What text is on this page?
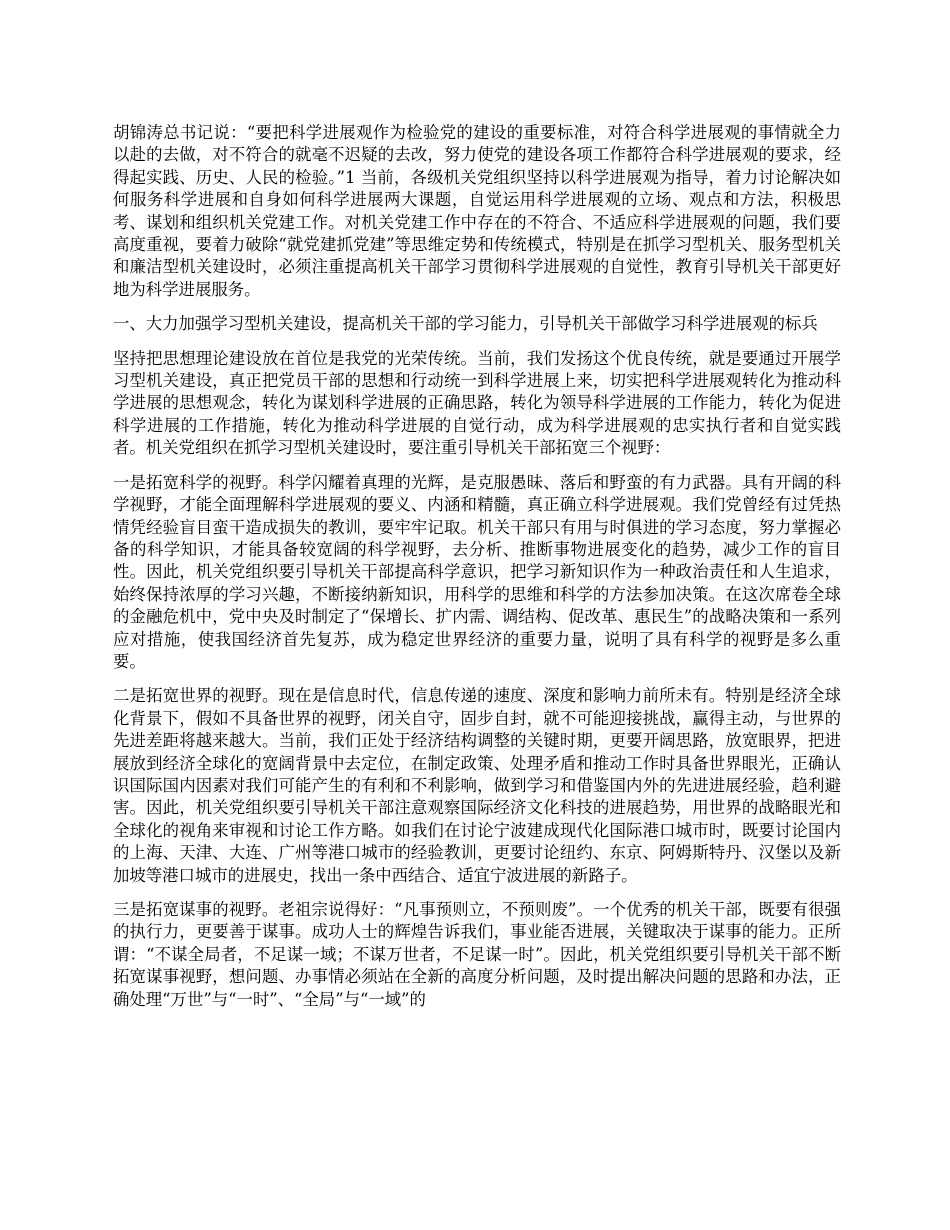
胡锦涛总书记说：“要把科学进展观作为检验党的建设的重要标准，对符合科学进展观的事情就全力以赴的去做，对不符合的就毫不迟疑的去改，努力使党的建设各项工作都符合科学进展观的要求，经得起实践、历史、人民的检验。”1 当前，各级机关党组织坚持以科学进展观为指导，着力讨论解决如何服务科学进展和自身如何科学进展两大课题，自觉运用科学进展观的立场、观点和方法，积极思考、谋划和组织机关党建工作。对机关党建工作中存在的不符合、不适应科学进展观的问题，我们要高度重视，要着力破除“就党建抓党建”等思维定势和传统模式，特别是在抓学习型机关、服务型机关和廉洁型机关建设时，必须注重提高机关干部学习贯彻科学进展观的自觉性，教育引导机关干部更好地为科学进展服务。

一、大力加强学习型机关建设，提高机关干部的学习能力，引导机关干部做学习科学进展观的标兵

坚持把思想理论建设放在首位是我党的光荣传统。当前，我们发扬这个优良传统，就是要通过开展学习型机关建设，真正把党员干部的思想和行动统一到科学进展上来，切实把科学进展观转化为推动科学进展的思想观念，转化为谋划科学进展的正确思路，转化为领导科学进展的工作能力，转化为促进科学进展的工作措施，转化为推动科学进展的自觉行动，成为科学进展观的忠实执行者和自觉实践者。机关党组织在抓学习型机关建设时，要注重引导机关干部拓宽三个视野：

一是拓宽科学的视野。科学闪耀着真理的光辉，是克服愚昧、落后和野蛮的有力武器。具有开阔的科学视野，才能全面理解科学进展观的要义、内涵和精髓，真正确立科学进展观。我们党曾经有过凭热情凭经验盲目蛮干造成损失的教训，要牢牢记取。机关干部只有用与时俱进的学习态度，努力掌握必备的科学知识，才能具备较宽阔的科学视野，去分析、推断事物进展变化的趋势，减少工作的盲目性。因此，机关党组织要引导机关干部提高科学意识，把学习新知识作为一种政治责任和人生追求，始终保持浓厚的学习兴趣，不断接纳新知识，用科学的思维和科学的方法参加决策。在这次席卷全球的金融危机中，党中央及时制定了“保增长、扩内需、调结构、促改革、惠民生”的战略决策和一系列应对措施，使我国经济首先复苏，成为稳定世界经济的重要力量，说明了具有科学的视野是多么重要。

二是拓宽世界的视野。现在是信息时代，信息传递的速度、深度和影响力前所未有。特别是经济全球化背景下，假如不具备世界的视野，闭关自守，固步自封，就不可能迎接挑战，赢得主动，与世界的先进差距将越来越大。当前，我们正处于经济结构调整的关键时期，更要开阔思路，放宽眼界，把进展放到经济全球化的宽阔背景中去定位，在制定政策、处理矛盾和推动工作时具备世界眼光，正确认识国际国内因素对我们可能产生的有利和不利影响，做到学习和借鉴国内外的先进进展经验，趋利避害。因此，机关党组织要引导机关干部注意观察国际经济文化科技的进展趋势，用世界的战略眼光和全球化的视角来审视和讨论工作方略。如我们在讨论宁波建成现代化国际港口城市时，既要讨论国内的上海、天津、大连、广州等港口城市的经验教训，更要讨论纽约、东京、阿姆斯特丹、汉堡以及新加坡等港口城市的进展史，找出一条中西结合、适宜宁波进展的新路子。

三是拓宽谋事的视野。老祖宗说得好：“凡事预则立，不预则废”。一个优秀的机关干部，既要有很强的执行力，更要善于谋事。成功人士的辉煌告诉我们，事业能否进展，关键取决于谋事的能力。正所谓：“不谋全局者，不足谋一域；不谋万世者，不足谋一时”。因此，机关党组织要引导机关干部不断拓宽谋事视野，想问题、办事情必须站在全新的高度分析问题，及时提出解决问题的思路和办法，正确处理“万世”与“一时”、“全局”与“一域”的
